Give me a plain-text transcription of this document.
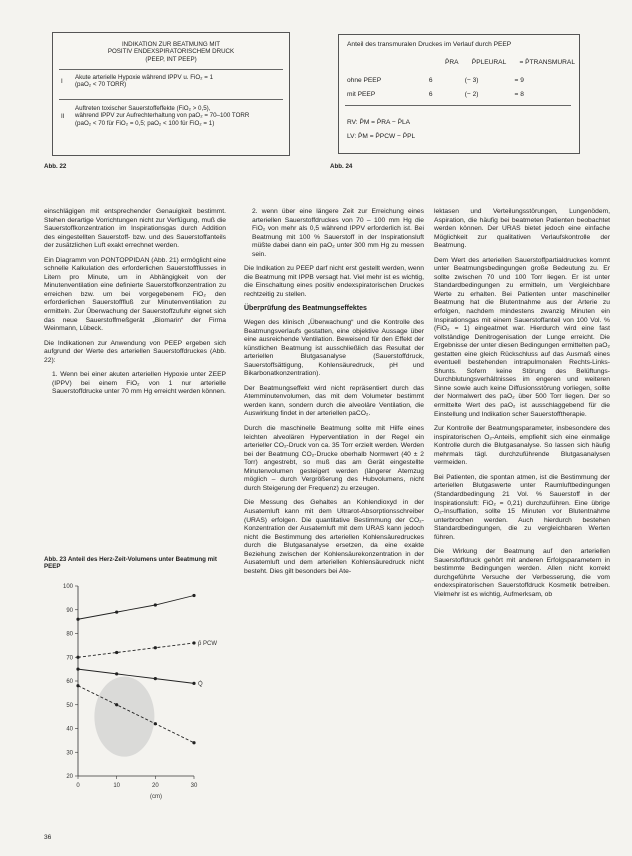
INDIKATION ZUR BEATMUNG MIT
POSITIV ENDEXSPIRATORISCHEM DRUCK
(PEEP, INT PEEP)
I
Akute arterielle Hypoxie während IPPV u. FiO₂ = 1
(paO₂ < 70 TORR)
II
Auftreten toxischer Sauerstoffeffekte (FiO₂ > 0,5),
während IPPV zur Aufrechterhaltung von paO₂ = 70–100 TORR
(paO₂ < 70 für FiO₂ = 0,5; paO₂ < 100 für FiO₂ = 1)
Abb. 22
Anteil des transmuralen Druckes im Verlauf durch PEEP
P̄RA P̄PLEURAL = P̄TRANSMURAL
ohne PEEP	6	(− 3)	= 9
mit PEEP	6	(− 2)	= 8
RV: P̄M = P̄RA − P̄LA
LV: P̄M = P̄PCW − P̄PL
Abb. 24

einschlägigen mit entsprechender Genauigkeit bestimmt. Stehen derartige Vorrichtungen nicht zur Verfügung, muß die Sauerstoffkonzentration im Inspirationsgas durch Addition des eingestellten Sauerstoff- bzw. und des Sauerstoffanteils der zusätzlichen Luft exakt errechnet werden.

Ein Diagramm von PONTOPPIDAN (Abb. 21) ermöglicht eine schnelle Kalkulation des erforderlichen Sauerstoffflusses in Litern pro Minute, um in Abhängigkeit von der Minutenventilation eine definierte Sauerstoffkonzentration zu erreichen bzw. um bei vorgegebenem FiO₂ den erforderlichen Sauerstofffluß zur Minutenventilation zu ermitteln. Zur Überwachung der Sauerstoffzufuhr eignet sich das neue Sauerstoffmeßgerät „Biomarin“ der Firma Weinmann, Lübeck.

Die Indikationen zur Anwendung von PEEP ergeben sich aufgrund der Werte des arteriellen Sauerstoffdruckes (Abb. 22):

1. Wenn bei einer akuten arteriellen Hypoxie unter ZEEP (IPPV) bei einem FiO₂ von 1 nur arterielle Sauerstoffdrucke unter 70 mm Hg erreicht werden können.

Abb. 23 Anteil des Herz-Zeit-Volumens unter Beatmung mit PEEP
100
90
80
70
60
50
40
30
20
0	10	20	30
(cm)
p̄ PCW
Q̇

2. wenn über eine längere Zeit zur Erreichung eines arteriellen Sauerstoffdruckes von 70 – 100 mm Hg die FiO₂ von mehr als 0,5 während IPPV erforderlich ist. Bei Beatmung mit 100 % Sauerstoff in der Inspirationsluft müßte dabei dann ein paO₂ unter 300 mm Hg zu messen sein.

Die Indikation zu PEEP darf nicht erst gestellt werden, wenn die Beatmung mit IPPB versagt hat. Viel mehr ist es wichtig, die Einschaltung eines positiv endexspiratorischen Druckes rechtzeitig zu stellen.

Überprüfung des Beatmungseffektes

Wegen des klinisch „Überwachung“ und die Kontrolle des Beatmungsverlaufs gestatten, eine objektive Aussage über eine ausreichende Ventilation. Beweisend für den Effekt der künstlichen Beatmung ist ausschließlich das Resultat der arteriellen Blutgasanalyse (Sauerstoffdruck, Sauerstoffsättigung, Kohlensäuredruck, pH und Bikarbonatkonzentration).

Der Beatmungseffekt wird nicht repräsentiert durch das Atemminutenvolumen, das mit dem Volumeter bestimmt werden kann, sondern durch die alveoläre Ventilation, die Auswirkung findet in der arteriellen paCO₂.

Durch die maschinelle Beatmung sollte mit Hilfe eines leichten alveolären Hyperventilation in der Regel ein arterieller CO₂-Druck von ca. 35 Torr erzielt werden. Werden bei der Beatmung CO₂-Drucke oberhalb Normwert (40 ± 2 Torr) angestrebt, so muß das am Gerät eingestellte Minutenvolumen gesteigert werden (längerer Atemzug möglich – durch Vergrößerung des Hubvolumens, nicht durch Steigerung der Frequenz) zu erzeugen.

Die Messung des Gehaltes an Kohlendioxyd in der Ausatemluft kann mit dem Ultrarot-Absorptionsschreiber (URAS) erfolgen. Die quantitative Bestimmung der CO₂-Konzentration der Ausatemluft mit dem URAS kann jedoch nicht die Bestimmung des arteriellen Kohlensäuredruckes durch die Blutgasanalyse ersetzen, da eine exakte Beziehung zwischen der Kohlensäurekonzentration in der Ausatemluft und dem arteriellen Kohlensäuredruck nicht besteht. Dies gilt besonders bei Ate-

lektasen und Verteilungsstörungen, Lungenödem, Aspiration, die häufig bei beatmeten Patienten beobachtet werden können. Der URAS bietet jedoch eine einfache Möglichkeit zur qualitativen Verlaufskontrolle der Beatmung.

Dem Wert des arteriellen Sauerstoffpartialdruckes kommt unter Beatmungsbedingungen große Bedeutung zu. Er sollte zwischen 70 und 100 Torr liegen. Er ist unter Standardbedingungen zu ermitteln, um Vergleichbare Werte zu erhalten. Bei Patienten unter maschineller Beatmung hat die Blutentnahme aus der Arterie zu erfolgen, nachdem mindestens zwanzig Minuten ein Inspirationsgas mit einem Sauerstoffanteil von 100 Vol. % (FiO₂ = 1) eingeatmet war. Hierdurch wird eine fast vollständige Denitrogenisation der Lunge erreicht. Die Ergebnisse der unter diesen Bedingungen ermittelten paO₂ gestatten eine gleich Rückschluss auf das Ausmaß eines eventuell bestehenden intrapulmonalen Rechts-Links-Shunts. Sofern keine Störung des Belüftungs-Durchblutungsverhältnisses im engeren und weiteren Sinne sowie auch keine Diffusionsstörung vorliegen, sollte der Normalwert des paO₂ über 500 Torr liegen. Der so ermittelte Wert des paO₂ ist ausschlaggebend für die Einstellung und Indikation scher Sauerstofftherapie.

Zur Kontrolle der Beatmungsparameter, insbesondere des inspiratorischen O₂-Anteils, empfiehlt sich eine einmalige Kontrolle durch die Blutgasanalyse. So lassen sich häufig mehrmals tägl. durchzuführende Blutgasanalysen vermeiden.

Bei Patienten, die spontan atmen, ist die Bestimmung der arteriellen Blutgaswerte unter Raumluftbedingungen (Standardbedingung 21 Vol. % Sauerstoff in der Inspirationsluft: FiO₂ = 0,21) durchzuführen. Eine übrige O₂-Insufflation, sollte 15 Minuten vor Blutentnahme unterbrochen werden. Auch hierdurch bestehen Standardbedingungen, die zu vergleichbaren Werten führen.

Die Wirkung der Beatmung auf den arteriellen Sauerstoffdruck gehört mit anderen Erfolgsparametern in bestimmte Bedingungen werden. Allen nicht korrekt durchgeführte Versuche der Verbesserung, die vom endexspiratorischen Sauerstoffdruck Kosmetik betreiben. Vielmehr ist es wichtig, Aufmerksam, ob

36
